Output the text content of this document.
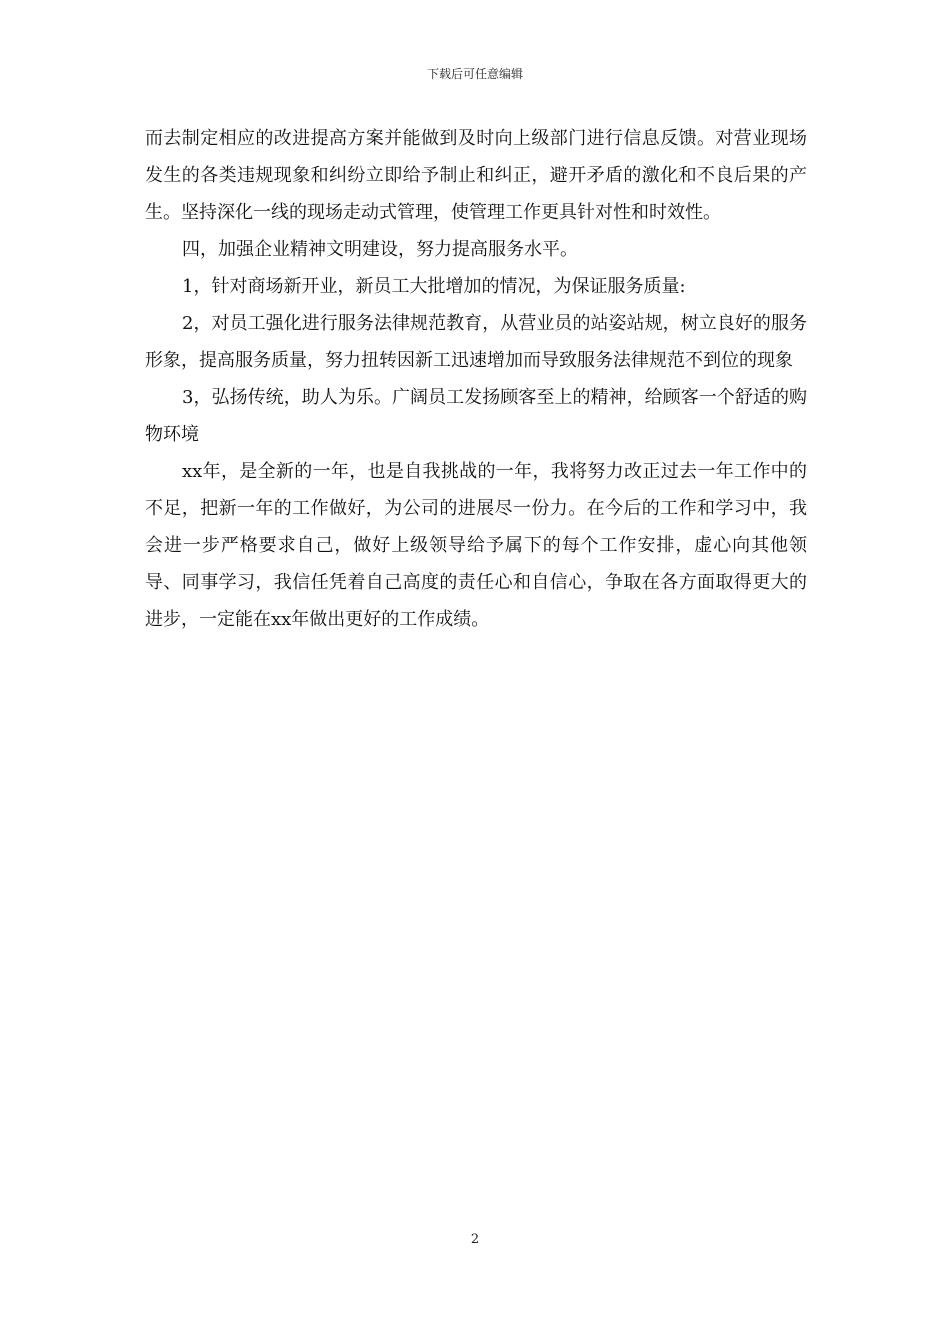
下载后可任意编辑

而去制定相应的改进提高方案并能做到及时向上级部门进行信息反馈。对营业现场发生的各类违规现象和纠纷立即给予制止和纠正，避开矛盾的激化和不良后果的产生。坚持深化一线的现场走动式管理，使管理工作更具针对性和时效性。

四，加强企业精神文明建设，努力提高服务水平。

1，针对商场新开业，新员工大批增加的情况，为保证服务质量:

2，对员工强化进行服务法律规范教育，从营业员的站姿站规，树立良好的服务形象，提高服务质量，努力扭转因新工迅速增加而导致服务法律规范不到位的现象

3，弘扬传统，助人为乐。广阔员工发扬顾客至上的精神，给顾客一个舒适的购物环境

xx年，是全新的一年，也是自我挑战的一年，我将努力改正过去一年工作中的不足，把新一年的工作做好，为公司的进展尽一份力。在今后的工作和学习中，我会进一步严格要求自己，做好上级领导给予属下的每个工作安排，虚心向其他领导、同事学习，我信任凭着自己高度的责任心和自信心，争取在各方面取得更大的进步，一定能在xx年做出更好的工作成绩。

2
